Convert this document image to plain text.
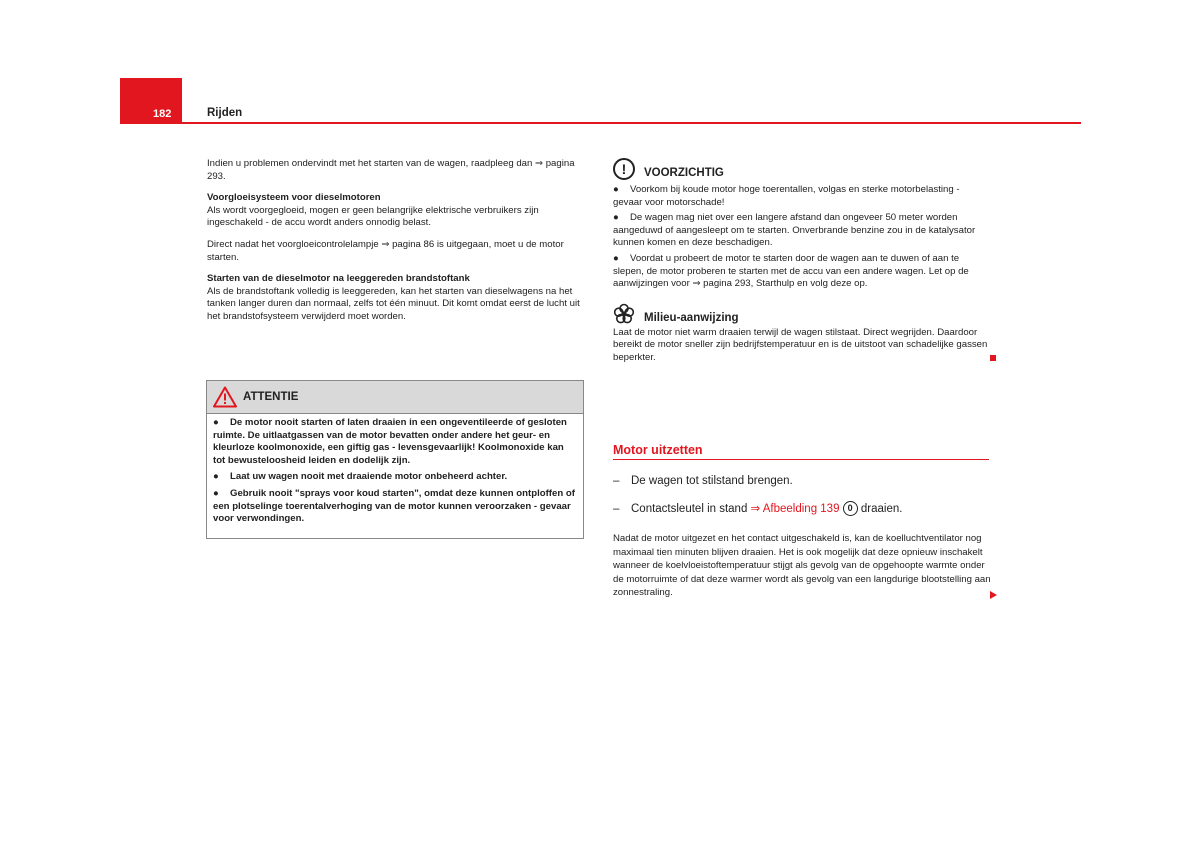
182	Rijden

Indien u problemen ondervindt met het starten van de wagen, raadpleeg dan ⇒ pagina 293.

Voorgloeisysteem voor dieselmotoren

Als wordt voorgegloeid, mogen er geen belangrijke elektrische verbruikers zijn ingeschakeld - de accu wordt anders onnodig belast.

Direct nadat het voorgloeicontrolelampje ⇒ pagina 86 is uitgegaan, moet u de motor starten.

Starten van de dieselmotor na leeggereden brandstoftank

Als de brandstoftank volledig is leeggereden, kan het starten van dieselwagens na het tanken langer duren dan normaal, zelfs tot één minuut. Dit komt omdat eerst de lucht uit het brandstofsysteem verwijderd moet worden.

ATTENTIE

● De motor nooit starten of laten draaien in een ongeventileerde of gesloten ruimte. De uitlaatgassen van de motor bevatten onder andere het geur- en kleurloze koolmonoxide, een giftig gas - levensgevaarlijk! Koolmonoxide kan tot bewusteloosheid leiden en dodelijk zijn.

● Laat uw wagen nooit met draaiende motor onbeheerd achter.

● Gebruik nooit "sprays voor koud starten", omdat deze kunnen ontploffen of een plotselinge toerentalverhoging van de motor kunnen veroorzaken - gevaar voor verwondingen.

!	VOORZICHTIG

● Voorkom bij koude motor hoge toerentallen, volgas en sterke motorbelasting - gevaar voor motorschade!

● De wagen mag niet over een langere afstand dan ongeveer 50 meter worden aangeduwd of aangesleept om te starten. Onverbrande benzine zou in de katalysator kunnen komen en deze beschadigen.

● Voordat u probeert de motor te starten door de wagen aan te duwen of aan te slepen, de motor proberen te starten met de accu van een andere wagen. Let op de aanwijzingen voor ⇒ pagina 293, Starthulp en volg deze op.

Milieu-aanwijzing

Laat de motor niet warm draaien terwijl de wagen stilstaat. Direct wegrijden. Daardoor bereikt de motor sneller zijn bedrijfstemperatuur en is de uitstoot van schadelijke gassen beperkter.

Motor uitzetten
– De wagen tot stilstand brengen.
– Contactsleutel in stand ⇒ Afbeelding 139 0 draaien.
Nadat de motor uitgezet en het contact uitgeschakeld is, kan de koelluchtventilator nog maximaal tien minuten blijven draaien. Het is ook mogelijk dat deze opnieuw inschakelt wanneer de koelvloeistoftemperatuur stijgt als gevolg van de opgehoopte warmte onder de motorruimte of dat deze warmer wordt als gevolg van een langdurige blootstelling aan zonnestraling.
